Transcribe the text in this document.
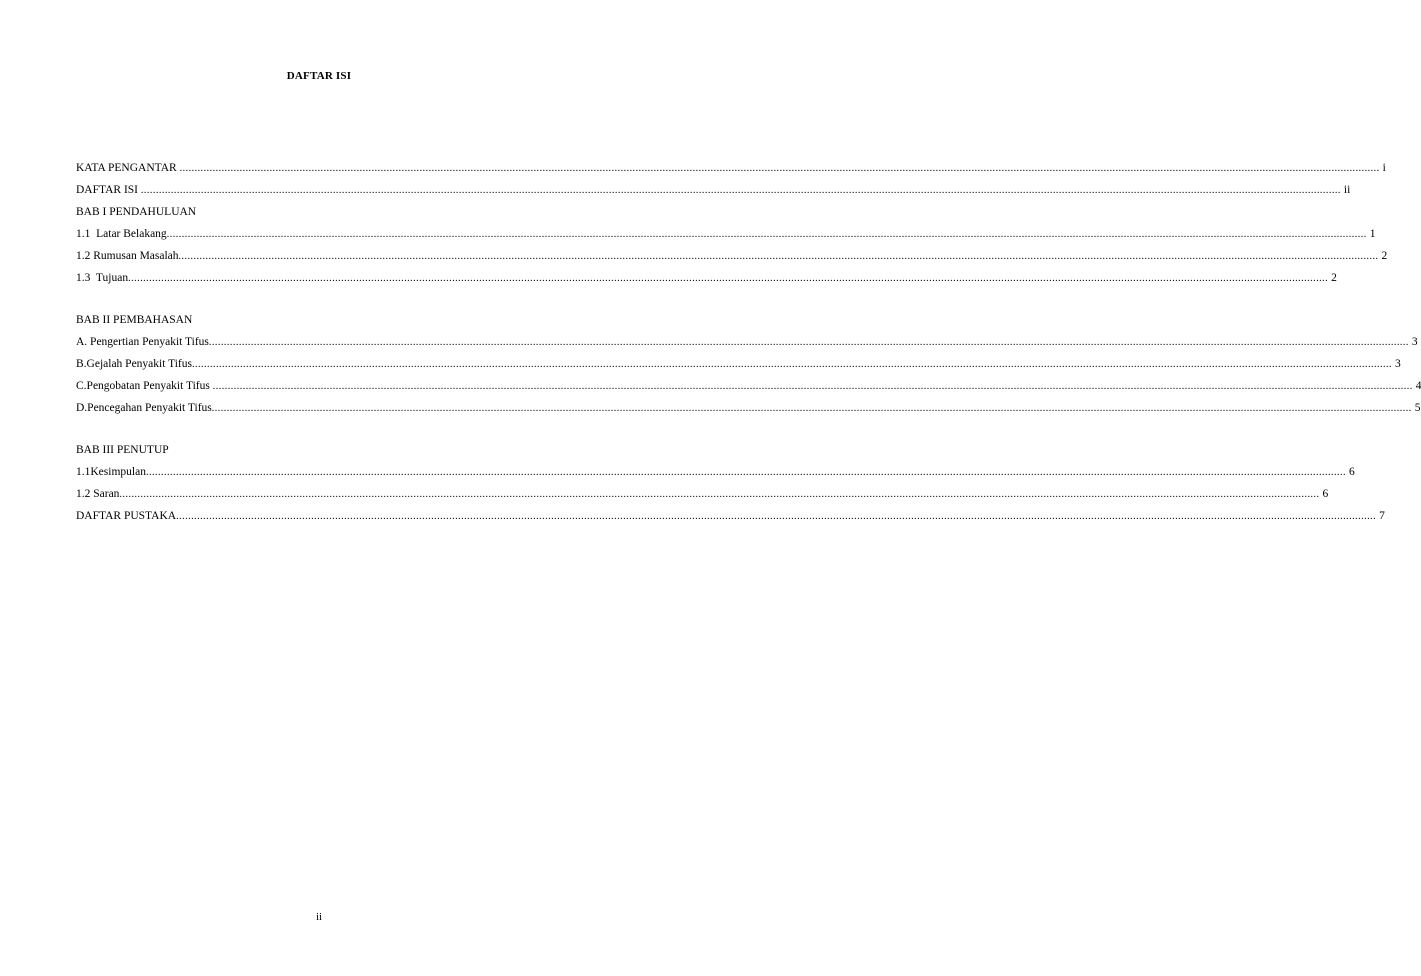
DAFTAR ISI
KATA PENGANTAR ................................................................................................................................................................................................................................................................................................................................................................................................................ i
DAFTAR ISI ................................................................................................................................................................................................................................................................................................................................................................................................................ ii
BAB I PENDAHULUAN
1.1  Latar Belakang ................................................................................................................................................................................................................................................................................................................................................................................................................ 1
1.2 Rumusan Masalah ................................................................................................................................................................................................................................................................................................................................................................................................................ 2
1.3  Tujuan ................................................................................................................................................................................................................................................................................................................................................................................................................ 2
BAB II PEMBAHASAN
A. Pengertian Penyakit Tifus ................................................................................................................................................................................................................................................................................................................................................................................................................ 3
B.Gejalah Penyakit Tifus ................................................................................................................................................................................................................................................................................................................................................................................................................ 3
C.Pengobatan Penyakit Tifus ................................................................................................................................................................................................................................................................................................................................................................................................................ 4
D.Pencegahan Penyakit Tifus ................................................................................................................................................................................................................................................................................................................................................................................................................ 5
BAB III PENUTUP
1.1Kesimpulan ................................................................................................................................................................................................................................................................................................................................................................................................................ 6
1.2 Saran ................................................................................................................................................................................................................................................................................................................................................................................................................ 6
DAFTAR PUSTAKA ................................................................................................................................................................................................................................................................................................................................................................................................................ 7
ii
